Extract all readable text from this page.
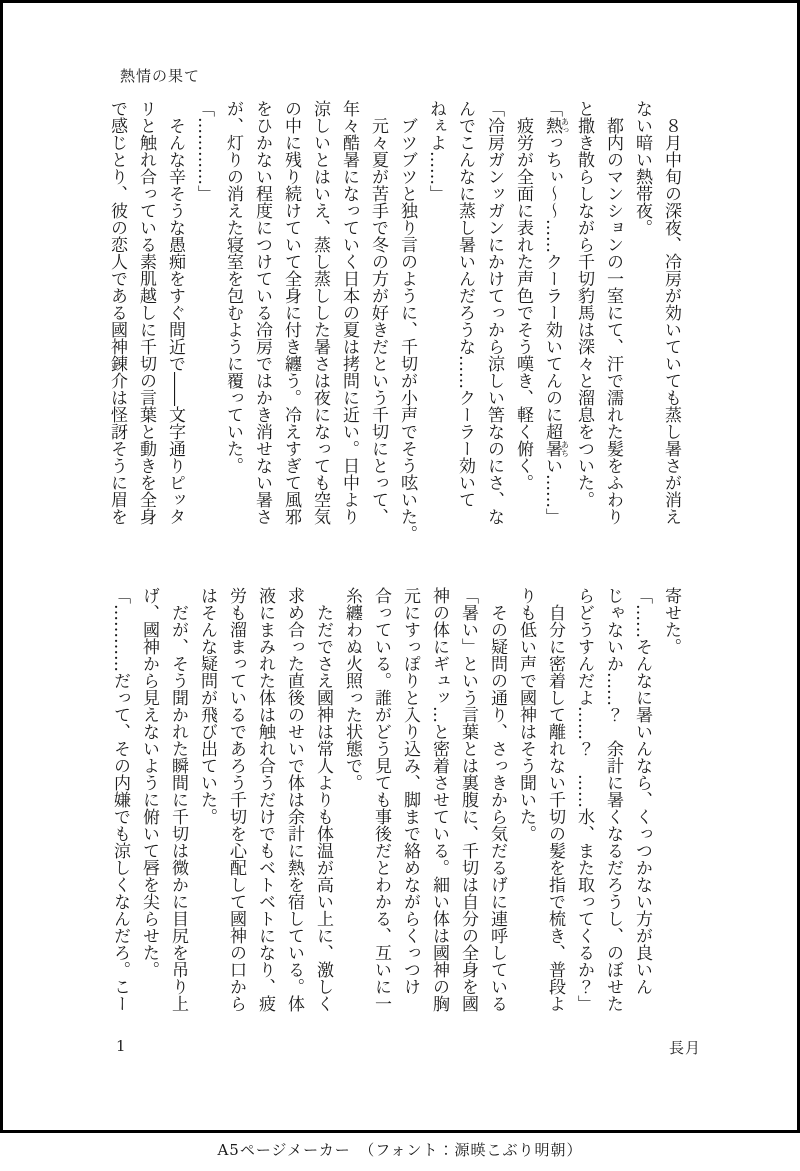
熱情の果て
　８月中旬の深夜、冷房が効いていても蒸し暑さが消え
ない暗い熱帯夜。
　都内のマンションの一室にて、汗で濡れた髪をふわり
と撒き散らしながら千切豹馬は深々と溜息をついた。
「熱あっっちぃ～～……クーラー効いてんのに超暑あちい……」
　疲労が全面に表れた声色でそう嘆き、軽く俯く。
「冷房ガンッガンにかけてっから涼しい筈なのにさ、な
んでこんなに蒸し暑いんだろうな……クーラー効いて
ねぇよ……」
　ブツブツと独り言のように、千切が小声でそう呟いた。
　元々夏が苦手で冬の方が好きだという千切にとって、
年々酷暑になっていく日本の夏は拷問に近い。日中より
涼しいとはいえ、蒸し蒸しした暑さは夜になっても空気
の中に残り続けていて全身に付き纏う。冷えすぎて風邪
をひかない程度につけている冷房ではかき消せない暑さ
が、灯りの消えた寝室を包むように覆っていた。
「…………」
　そんな辛そうな愚痴をすぐ間近で――文字通りピッタ
リと触れ合っている素肌越しに千切の言葉と動きを全身
で感じとり、彼の恋人である國神錬介は怪訝そうに眉を
寄せた。
「……そんなに暑いんなら、くっつかない方が良いん
じゃないか……？　余計に暑くなるだろうし、のぼせた
らどうすんだよ……？　……水、また取ってくるか？」
　自分に密着して離れない千切の髪を指で梳き、普段よ
りも低い声で國神はそう聞いた。
　その疑問の通り、さっきから気だるげに連呼している
「暑い」という言葉とは裏腹に、千切は自分の全身を國
神の体にギュッ…と密着させている。細い体は國神の胸
元にすっぽりと入り込み、脚まで絡めながらくっつけ
合っている。誰がどう見ても事後だとわかる、互いに一
糸纏わぬ火照った状態で。
　ただでさえ國神は常人よりも体温が高い上に、激しく
求め合った直後のせいで体は余計に熱を宿している。体
液にまみれた体は触れ合うだけでもベトベトになり、疲
労も溜まっているであろう千切を心配して國神の口から
はそんな疑問が飛び出ていた。
　だが、そう聞かれた瞬間に千切は微かに目尻を吊り上
げ、國神から見えないように俯いて唇を尖らせた。
「…………だって、その内嫌でも涼しくなんだろ。こー
1	長月
A5ページメーカー　（フォント：源暎こぶり明朝）
